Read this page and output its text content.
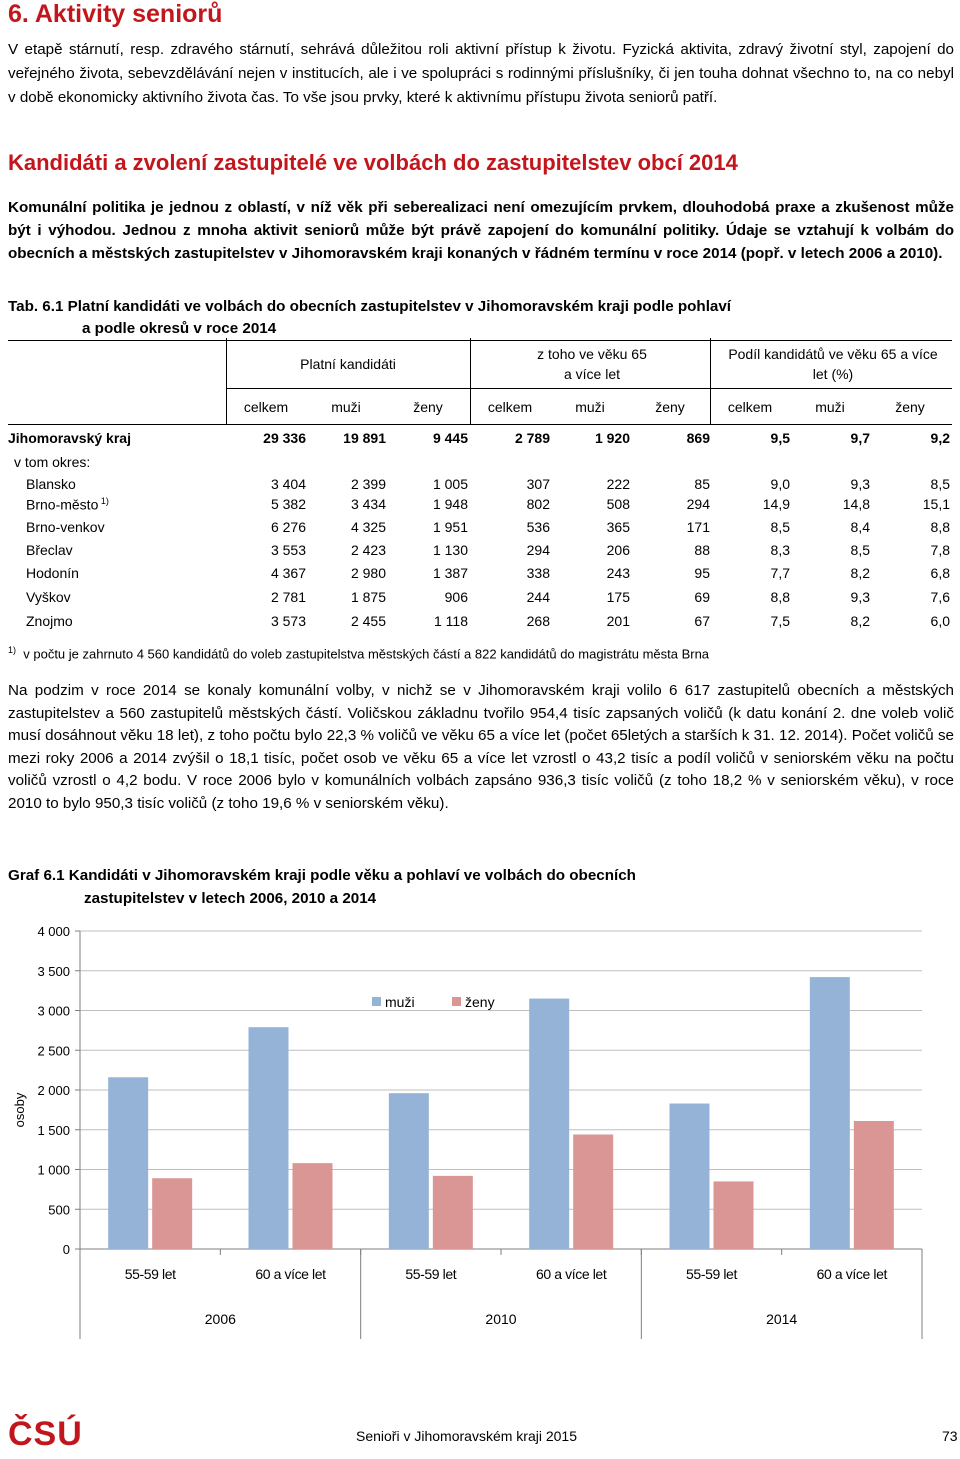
6. Aktivity seniorů
V etapě stárnutí, resp. zdravého stárnutí, sehrává důležitou roli aktivní přístup k životu. Fyzická aktivita, zdravý životní styl, zapojení do veřejného života, sebevzdělávání nejen v institucích, ale i ve spolupráci s rodinnými příslušníky, či jen touha dohnat všechno to, na co nebyl v době ekonomicky aktivního života čas. To vše jsou prvky, které k aktivnímu přístupu života seniorů patří.
Kandidáti a zvolení zastupitelé ve volbách do zastupitelstev obcí 2014
Komunální politika je jednou z oblastí, v níž věk při seberealizaci není omezujícím prvkem, dlouhodobá praxe a zkušenost může být i výhodou. Jednou z mnoha aktivit seniorů může být právě zapojení do komunální politiky. Údaje se vztahují k volbám do obecních a městských zastupitelstev v Jihomoravském kraji konaných v řádném termínu v roce 2014 (popř. v letech 2006 a 2010).
Tab. 6.1 Platní kandidáti ve volbách do obecních zastupitelstev v Jihomoravském kraji podle pohlaví
a podle okresů v roce 2014
Platní kandidáti
z toho ve věku 65 a více let
Podíl kandidátů ve věku 65 a více let (%)
celkem	muži	ženy	celkem	muži	ženy	celkem	muži	ženy
Jihomoravský kraj	29 336	19 891	9 445	2 789	1 920	869	9,5	9,7	9,2
v tom okres:
Blansko	3 404	2 399	1 005	307	222	85	9,0	9,3	8,5
Brno-město $^{1)}$	5 382	3 434	1 948	802	508	294	14,9	14,8	15,1
Brno-venkov	6 276	4 325	1 951	536	365	171	8,5	8,4	8,8
Břeclav	3 553	2 423	1 130	294	206	88	8,3	8,5	7,8
Hodonín	4 367	2 980	1 387	338	243	95	7,7	8,2	6,8
Vyškov	2 781	1 875	906	244	175	69	8,8	9,3	7,6
Znojmo	3 573	2 455	1 118	268	201	67	7,5	8,2	6,0
$^{1)}$ v počtu je zahrnuto 4 560 kandidátů do voleb zastupitelstva městských částí a 822 kandidátů do magistrátu města Brna
Na podzim v roce 2014 se konaly komunální volby, v nichž se v Jihomoravském kraji volilo 6 617 zastupitelů obecních a městských zastupitelstev a 560 zastupitelů městských částí. Voličskou základnu tvořilo 954,4 tisíc zapsaných voličů (k datu konání 2. dne voleb volič musí dosáhnout věku 18 let), z toho počtu bylo 22,3 % voličů ve věku 65 a více let (počet 65letých a starších k 31. 12. 2014). Počet voličů se mezi roky 2006 a 2014 zvýšil o 18,1 tisíc, počet osob ve věku 65 a více let vzrostl o 43,2 tisíc a podíl voličů v seniorském věku na počtu voličů vzrostl o 4,2 bodu. V roce 2006 bylo v komunálních volbách zapsáno 936,3 tisíc voličů (z toho 18,2 % v seniorském věku), v roce 2010 to bylo 950,3 tisíc voličů (z toho 19,6 % v seniorském věku).
Graf 6.1 Kandidáti v Jihomoravském kraji podle věku a pohlaví ve volbách do obecních
zastupitelstev v letech 2006, 2010 a 2014
0
500
1 000
1 500
2 000
2 500
3 000
3 500
4 000
osoby
55-59 let	60 a více let	55-59 let	60 a více let	55-59 let	60 a více let
2006	2010	2014
muži	ženy
ČSÚ	Senioři v Jihomoravském kraji 2015	73
